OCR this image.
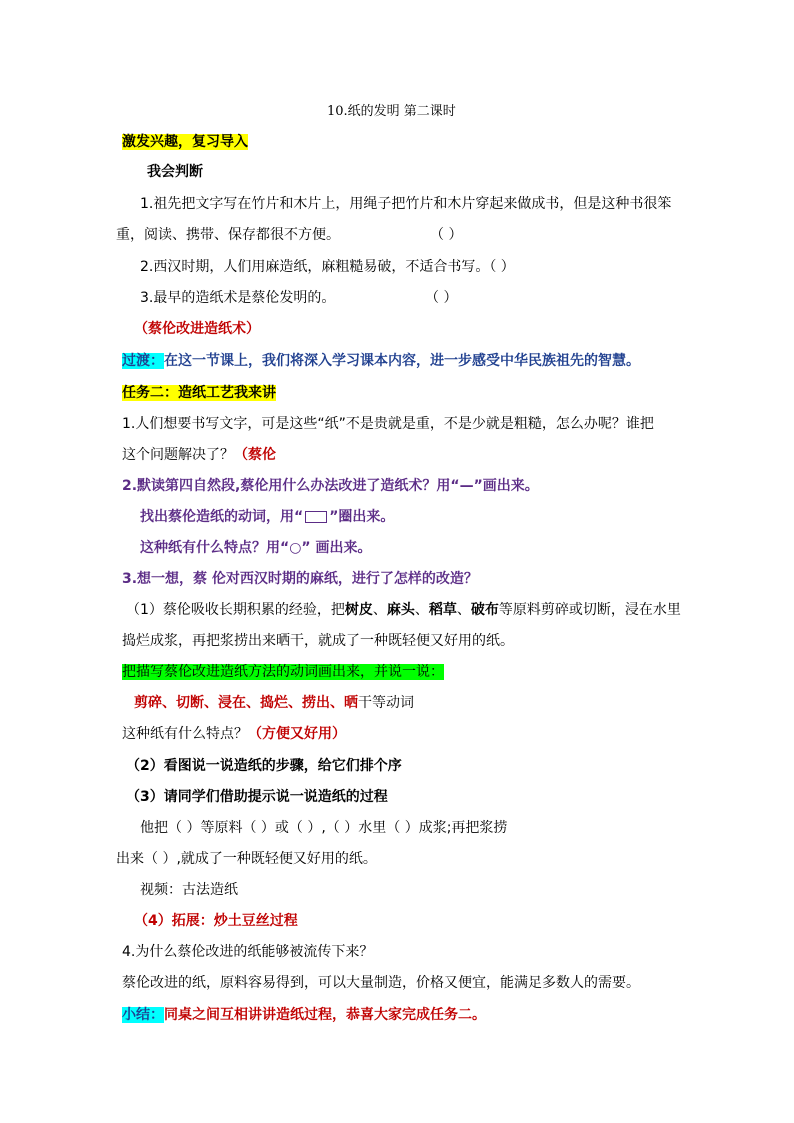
10.纸的发明 第二课时
激发兴趣，复习导入
我会判断
1.祖先把文字写在竹片和木片上，用绳子把竹片和木片穿起来做成书，但是这种书很笨
重，阅读、携带、保存都很不方便。	（ ）
2.西汉时期，人们用麻造纸，麻粗糙易破，不适合书写。（ ）
3.最早的造纸术是蔡伦发明的。	（ ）
（蔡伦改进造纸术）
过渡：在这一节课上，我们将深入学习课本内容，进一步感受中华民族祖先的智慧。
任务二：造纸工艺我来讲
1.人们想要书写文字，可是这些“纸”不是贵就是重，不是少就是粗糙，怎么办呢？谁把
这个问题解决了？（蔡伦
2.默读第四自然段,蔡伦用什么办法改进了造纸术？用“—”画出来。
找出蔡伦造纸的动词，用“ ”圈出来。
这种纸有什么特点？用“○” 画出来。
3.想一想，蔡 伦对西汉时期的麻纸，进行了怎样的改造？
（1）蔡伦吸收长期积累的经验，把树皮、麻头、稻草、破布等原料剪碎或切断，浸在水里
捣烂成浆，再把浆捞出来晒干，就成了一种既轻便又好用的纸。
把描写蔡伦改进造纸方法的动词画出来，并说一说：
剪碎、切断、浸在、捣烂、捞出、晒干等动词
这种纸有什么特点？（方便又好用）
（2）看图说一说造纸的步骤，给它们排个序
（3）请同学们借助提示说一说造纸的过程
他把（ ）等原料（ ）或（ ）,（ ）水里（ ）成浆;再把浆捞
出来（ ）,就成了一种既轻便又好用的纸。
视频：古法造纸
（4）拓展：炒土豆丝过程
4.为什么蔡伦改进的纸能够被流传下来？
蔡伦改进的纸，原料容易得到，可以大量制造，价格又便宜，能满足多数人的需要。
小结：同桌之间互相讲讲造纸过程，恭喜大家完成任务二。
